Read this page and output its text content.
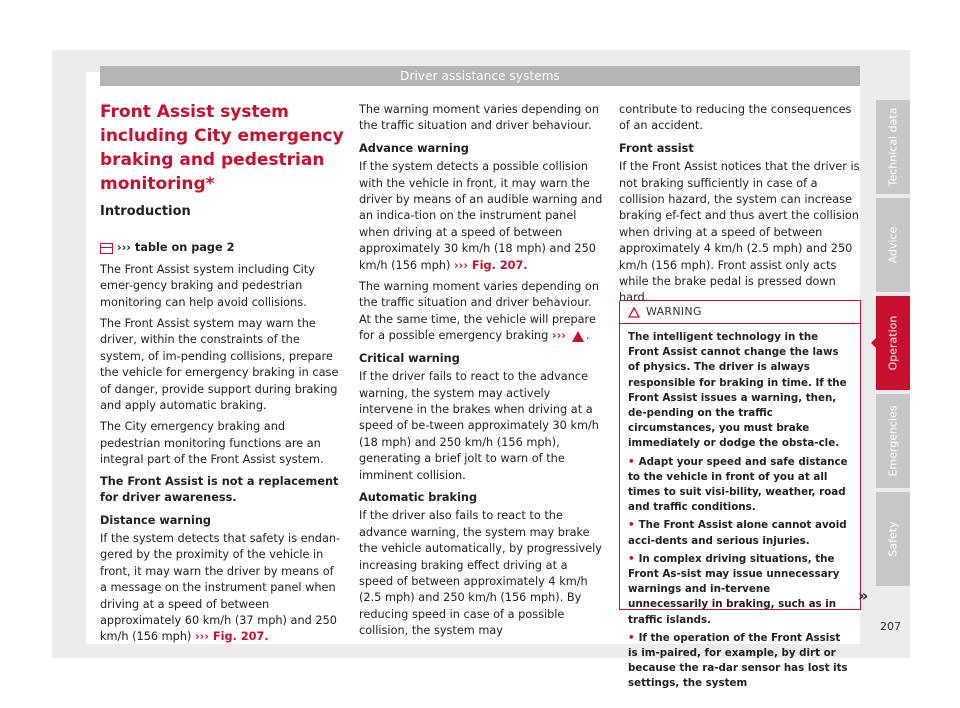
Driver assistance systems
Front Assist system including City emergency braking and pedestrian monitoring*
Introduction

››› table on page 2

The Front Assist system including City emer-gency braking and pedestrian monitoring can help avoid collisions.

The Front Assist system may warn the driver, within the constraints of the system, of im-pending collisions, prepare the vehicle for emergency braking in case of danger, provide support during braking and apply automatic braking.

The City emergency braking and pedestrian monitoring functions are an integral part of the Front Assist system.

The Front Assist is not a replacement for driver awareness.

Distance warning

If the system detects that safety is endan-gered by the proximity of the vehicle in front, it may warn the driver by means of a message on the instrument panel when driving at a speed of between approximately 60 km/h (37 mph) and 250 km/h (156 mph) ››› Fig. 207.

The warning moment varies depending on the traffic situation and driver behaviour.

Advance warning

If the system detects a possible collision with the vehicle in front, it may warn the driver by means of an audible warning and an indica-tion on the instrument panel when driving at a speed of between approximately 30 km/h (18 mph) and 250 km/h (156 mph) ››› Fig. 207.

The warning moment varies depending on the traffic situation and driver behaviour. At the same time, the vehicle will prepare for a possible emergency braking ››› .

Critical warning

If the driver fails to react to the advance warning, the system may actively intervene in the brakes when driving at a speed of be-tween approximately 30 km/h (18 mph) and 250 km/h (156 mph), generating a brief jolt to warn of the imminent collision.

Automatic braking

If the driver also fails to react to the advance warning, the system may brake the vehicle automatically, by progressively increasing braking effect driving at a speed of between approximately 4 km/h (2.5 mph) and 250 km/h (156 mph). By reducing speed in case of a possible collision, the system may

contribute to reducing the consequences of an accident.

Front assist

If the Front Assist notices that the driver is not braking sufficiently in case of a collision hazard, the system can increase braking ef-fect and thus avert the collision when driving at a speed of between approximately 4 km/h (2.5 mph) and 250 km/h (156 mph). Front assist only acts while the brake pedal is pressed down hard.

WARNING

The intelligent technology in the Front Assist cannot change the laws of physics. The driver is always responsible for braking in time. If the Front Assist issues a warning, then, de-pending on the traffic circumstances, you must brake immediately or dodge the obsta-cle.

• Adapt your speed and safe distance to the vehicle in front of you at all times to suit visi-bility, weather, road and traffic conditions.

• The Front Assist alone cannot avoid acci-dents and serious injuries.

• In complex driving situations, the Front As-sist may issue unnecessary warnings and in-tervene unnecessarily in braking, such as in traffic islands.

• If the operation of the Front Assist is im-paired, for example, by dirt or because the ra-dar sensor has lost its settings, the system

»
Technical data
Advice
Operation
Emergencies
Safety
207
